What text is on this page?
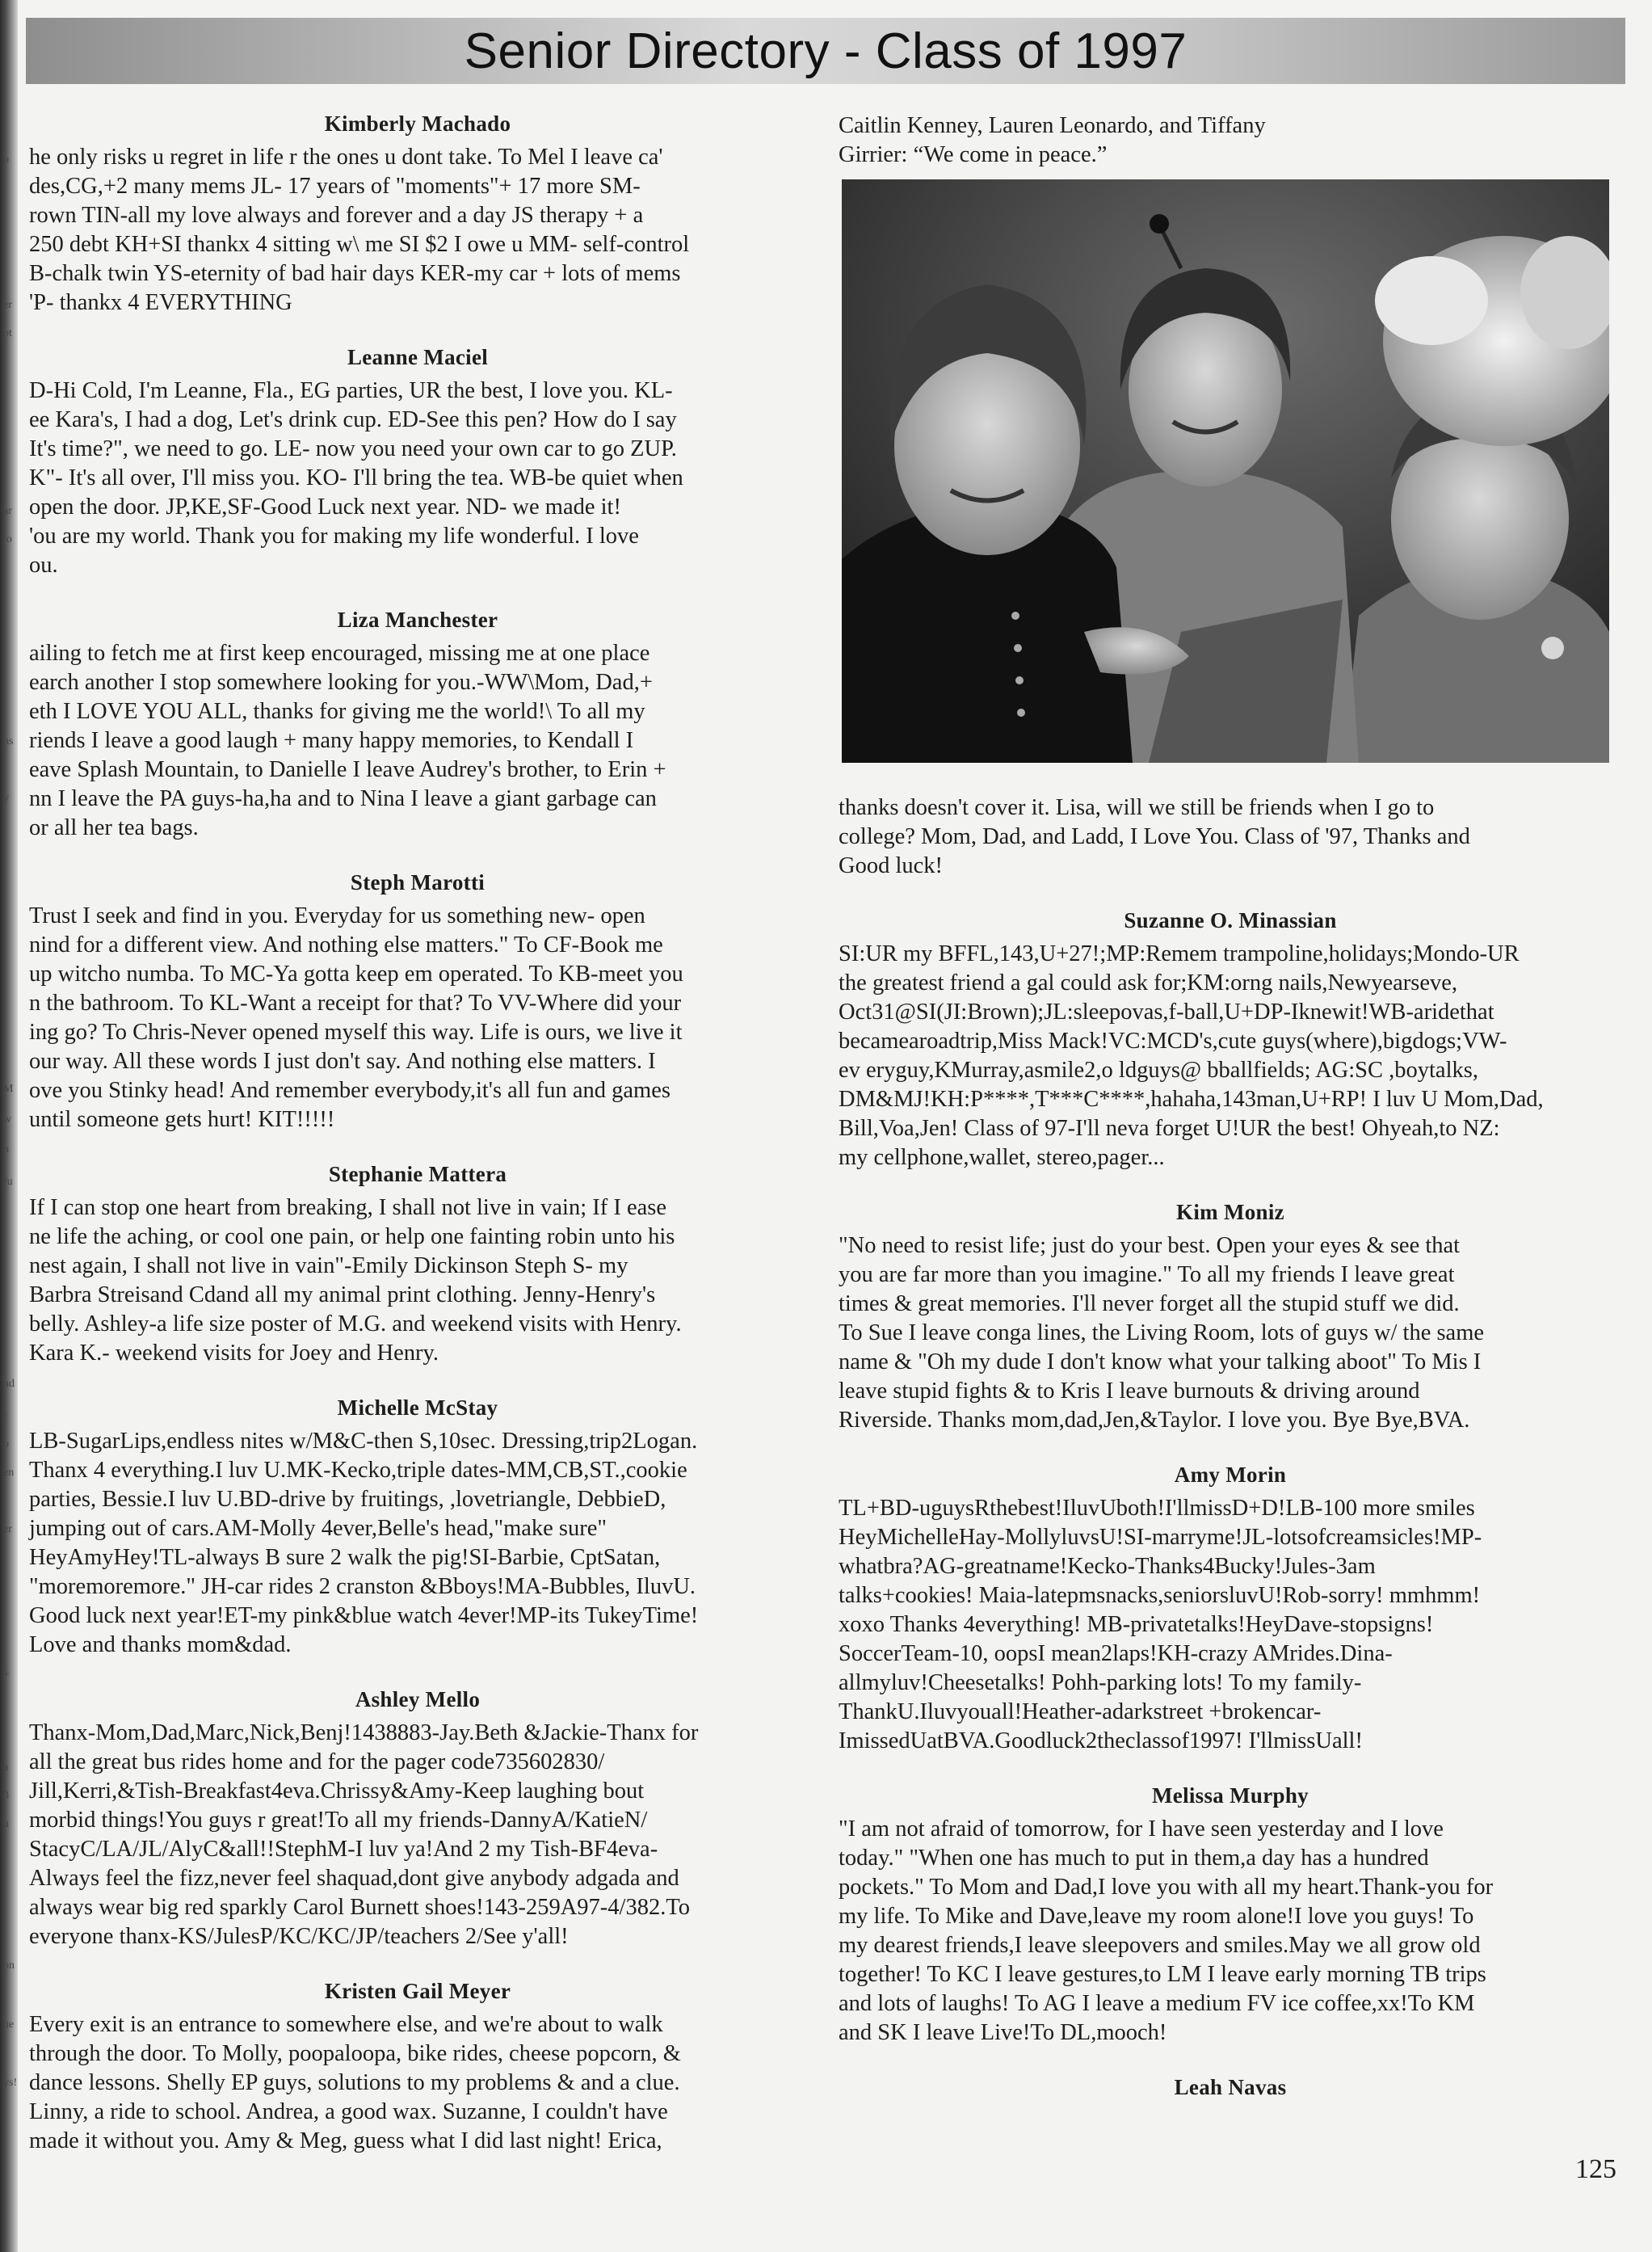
o
er
ot
ar
to
hs
y
M
w
n
fu
nd
r
o
en
er
+
a
3
u
on
ue
ys!
Senior Directory - Class of 1997
Kimberly Machado

he only risks u regret in life r the ones u dont take. To Mel I leave ca'
des,CG,+2 many mems JL- 17 years of "moments"+ 17 more SM-
rown TIN-all my love always and forever and a day JS therapy + a
250 debt KH+SI thankx 4 sitting w\ me SI $2 I owe u MM- self-control
B-chalk twin YS-eternity of bad hair days KER-my car + lots of mems
'P- thankx 4 EVERYTHING

Leanne Maciel

D-Hi Cold, I'm Leanne, Fla., EG parties, UR the best, I love you. KL-
ee Kara's, I had a dog, Let's drink cup. ED-See this pen? How do I say
It's time?", we need to go. LE- now you need your own car to go ZUP.
K"- It's all over, I'll miss you. KO- I'll bring the tea. WB-be quiet when
open the door. JP,KE,SF-Good Luck next year. ND- we made it!
'ou are my world. Thank you for making my life wonderful. I love
ou.

Liza Manchester

ailing to fetch me at first keep encouraged, missing me at one place
earch another I stop somewhere looking for you.-WW\Mom, Dad,+
eth I LOVE YOU ALL, thanks for giving me the world!\ To all my
riends I leave a good laugh + many happy memories, to Kendall I
eave Splash Mountain, to Danielle I leave Audrey's brother, to Erin +
nn I leave the PA guys-ha,ha and to Nina I leave a giant garbage can
or all her tea bags.

Steph Marotti

Trust I seek and find in you. Everyday for us something new- open
nind for a different view. And nothing else matters." To CF-Book me
up witcho numba. To MC-Ya gotta keep em operated. To KB-meet you
n the bathroom. To KL-Want a receipt for that? To VV-Where did your
ing go? To Chris-Never opened myself this way. Life is ours, we live it
our way. All these words I just don't say. And nothing else matters. I
ove you Stinky head! And remember everybody,it's all fun and games
until someone gets hurt! KIT!!!!!

Stephanie Mattera

If I can stop one heart from breaking, I shall not live in vain; If I ease
ne life the aching, or cool one pain, or help one fainting robin unto his
nest again, I shall not live in vain"-Emily Dickinson Steph S- my
Barbra Streisand Cdand all my animal print clothing. Jenny-Henry's
belly. Ashley-a life size poster of M.G. and weekend visits with Henry.
Kara K.- weekend visits for Joey and Henry.

Michelle McStay

LB-SugarLips,endless nites w/M&C-then S,10sec. Dressing,trip2Logan.
Thanx 4 everything.I luv U.MK-Kecko,triple dates-MM,CB,ST.,cookie
parties, Bessie.I luv U.BD-drive by fruitings, ,lovetriangle, DebbieD,
jumping out of cars.AM-Molly 4ever,Belle's head,"make sure"
HeyAmyHey!TL-always B sure 2 walk the pig!SI-Barbie, CptSatan,
"moremoremore." JH-car rides 2 cranston &Bboys!MA-Bubbles, IluvU.
Good luck next year!ET-my pink&blue watch 4ever!MP-its TukeyTime!
Love and thanks mom&dad.

Ashley Mello

Thanx-Mom,Dad,Marc,Nick,Benj!1438883-Jay.Beth &Jackie-Thanx for
all the great bus rides home and for the pager code735602830/
Jill,Kerri,&Tish-Breakfast4eva.Chrissy&Amy-Keep laughing bout
morbid things!You guys r great!To all my friends-DannyA/KatieN/
StacyC/LA/JL/AlyC&all!!StephM-I luv ya!And 2 my Tish-BF4eva-
Always feel the fizz,never feel shaquad,dont give anybody adgada and
always wear big red sparkly Carol Burnett shoes!143-259A97-4/382.To
everyone thanx-KS/JulesP/KC/KC/JP/teachers 2/See y'all!

Kristen Gail Meyer

Every exit is an entrance to somewhere else, and we're about to walk
through the door. To Molly, poopaloopa, bike rides, cheese popcorn, &
dance lessons. Shelly EP guys, solutions to my problems & and a clue.
Linny, a ride to school. Andrea, a good wax. Suzanne, I couldn't have
made it without you. Amy & Meg, guess what I did last night! Erica,

Caitlin Kenney, Lauren Leonardo, and Tiffany
Girrier: “We come in peace.”

thanks doesn't cover it. Lisa, will we still be friends when I go to
college? Mom, Dad, and Ladd, I Love You. Class of '97, Thanks and
Good luck!

Suzanne O. Minassian

SI:UR my BFFL,143,U+27!;MP:Remem trampoline,holidays;Mondo-UR
the greatest friend a gal could ask for;KM:orng nails,Newyearseve,
Oct31@SI(JI:Brown);JL:sleepovas,f-ball,U+DP-Iknewit!WB-aridethat
becamearoadtrip,Miss Mack!VC:MCD's,cute guys(where),bigdogs;VW-
ev eryguy,KMurray,asmile2,o ldguys@ bballfields; AG:SC ,boytalks,
DM&MJ!KH:P****,T***C****,hahaha,143man,U+RP! I luv U Mom,Dad,
Bill,Voa,Jen! Class of 97-I'll neva forget U!UR the best! Ohyeah,to NZ:
my cellphone,wallet, stereo,pager...

Kim Moniz

"No need to resist life; just do your best. Open your eyes & see that
you are far more than you imagine." To all my friends I leave great
times & great memories. I'll never forget all the stupid stuff we did.
To Sue I leave conga lines, the Living Room, lots of guys w/ the same
name & "Oh my dude I don't know what your talking aboot" To Mis I
leave stupid fights & to Kris I leave burnouts & driving around
Riverside. Thanks mom,dad,Jen,&Taylor. I love you. Bye Bye,BVA.

Amy Morin

TL+BD-uguysRthebest!IluvUboth!I'llmissD+D!LB-100 more smiles
HeyMichelleHay-MollyluvsU!SI-marryme!JL-lotsofcreamsicles!MP-
whatbra?AG-greatname!Kecko-Thanks4Bucky!Jules-3am
talks+cookies! Maia-latepmsnacks,seniorsluvU!Rob-sorry! mmhmm!
xoxo Thanks 4everything! MB-privatetalks!HeyDave-stopsigns!
SoccerTeam-10, oopsI mean2laps!KH-crazy AMrides.Dina-
allmyluv!Cheesetalks! Pohh-parking lots! To my family-
ThankU.Iluvyouall!Heather-adarkstreet +brokencar-
ImissedUatBVA.Goodluck2theclassof1997! I'llmissUall!

Melissa Murphy

"I am not afraid of tomorrow, for I have seen yesterday and I love
today." "When one has much to put in them,a day has a hundred
pockets." To Mom and Dad,I love you with all my heart.Thank-you for
my life. To Mike and Dave,leave my room alone!I love you guys! To
my dearest friends,I leave sleepovers and smiles.May we all grow old
together! To KC I leave gestures,to LM I leave early morning TB trips
and lots of laughs! To AG I leave a medium FV ice coffee,xx!To KM
and SK I leave Live!To DL,mooch!

Leah Navas

125
